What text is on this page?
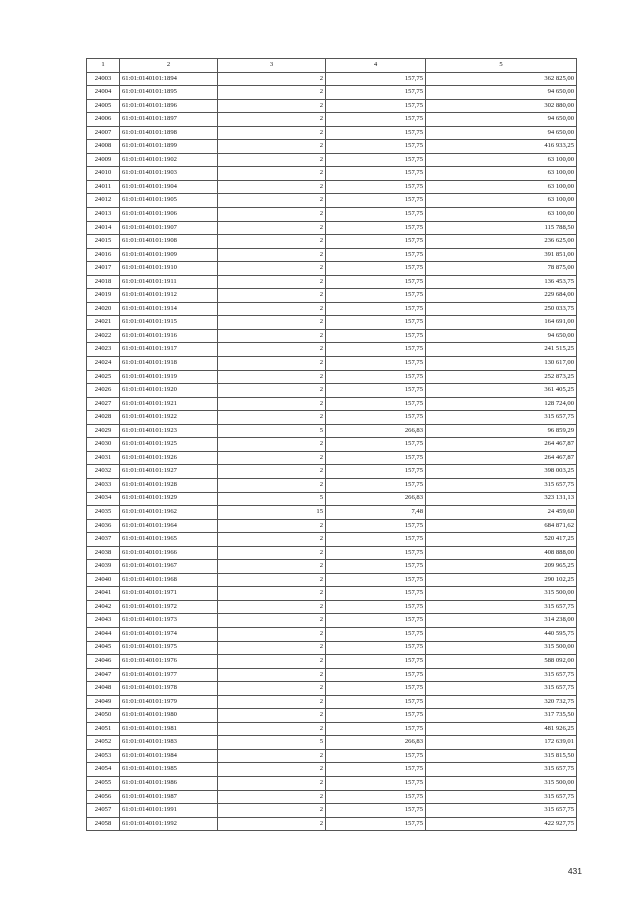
1	2	3	4	5
24003	61:01:0140101:1894	2	157,75	362 825,00
24004	61:01:0140101:1895	2	157,75	94 650,00
24005	61:01:0140101:1896	2	157,75	302 880,00
24006	61:01:0140101:1897	2	157,75	94 650,00
24007	61:01:0140101:1898	2	157,75	94 650,00
24008	61:01:0140101:1899	2	157,75	416 933,25
24009	61:01:0140101:1902	2	157,75	63 100,00
24010	61:01:0140101:1903	2	157,75	63 100,00
24011	61:01:0140101:1904	2	157,75	63 100,00
24012	61:01:0140101:1905	2	157,75	63 100,00
24013	61:01:0140101:1906	2	157,75	63 100,00
24014	61:01:0140101:1907	2	157,75	115 788,50
24015	61:01:0140101:1908	2	157,75	236 625,00
24016	61:01:0140101:1909	2	157,75	391 851,00
24017	61:01:0140101:1910	2	157,75	78 875,00
24018	61:01:0140101:1911	2	157,75	136 453,75
24019	61:01:0140101:1912	2	157,75	229 684,00
24020	61:01:0140101:1914	2	157,75	250 033,75
24021	61:01:0140101:1915	2	157,75	164 691,00
24022	61:01:0140101:1916	2	157,75	94 650,00
24023	61:01:0140101:1917	2	157,75	241 515,25
24024	61:01:0140101:1918	2	157,75	130 617,00
24025	61:01:0140101:1919	2	157,75	252 873,25
24026	61:01:0140101:1920	2	157,75	361 405,25
24027	61:01:0140101:1921	2	157,75	128 724,00
24028	61:01:0140101:1922	2	157,75	315 657,75
24029	61:01:0140101:1923	5	266,83	96 859,29
24030	61:01:0140101:1925	2	157,75	264 467,87
24031	61:01:0140101:1926	2	157,75	264 467,87
24032	61:01:0140101:1927	2	157,75	398 003,25
24033	61:01:0140101:1928	2	157,75	315 657,75
24034	61:01:0140101:1929	5	266,83	323 131,13
24035	61:01:0140101:1962	15	7,48	24 459,60
24036	61:01:0140101:1964	2	157,75	684 871,62
24037	61:01:0140101:1965	2	157,75	520 417,25
24038	61:01:0140101:1966	2	157,75	408 888,00
24039	61:01:0140101:1967	2	157,75	209 965,25
24040	61:01:0140101:1968	2	157,75	290 102,25
24041	61:01:0140101:1971	2	157,75	315 500,00
24042	61:01:0140101:1972	2	157,75	315 657,75
24043	61:01:0140101:1973	2	157,75	314 238,00
24044	61:01:0140101:1974	2	157,75	440 595,75
24045	61:01:0140101:1975	2	157,75	315 500,00
24046	61:01:0140101:1976	2	157,75	588 092,00
24047	61:01:0140101:1977	2	157,75	315 657,75
24048	61:01:0140101:1978	2	157,75	315 657,75
24049	61:01:0140101:1979	2	157,75	320 732,75
24050	61:01:0140101:1980	2	157,75	317 735,50
24051	61:01:0140101:1981	2	157,75	481 926,25
24052	61:01:0140101:1983	5	266,83	172 639,01
24053	61:01:0140101:1984	2	157,75	315 815,50
24054	61:01:0140101:1985	2	157,75	315 657,75
24055	61:01:0140101:1986	2	157,75	315 500,00
24056	61:01:0140101:1987	2	157,75	315 657,75
24057	61:01:0140101:1991	2	157,75	315 657,75
24058	61:01:0140101:1992	2	157,75	422 927,75
431
